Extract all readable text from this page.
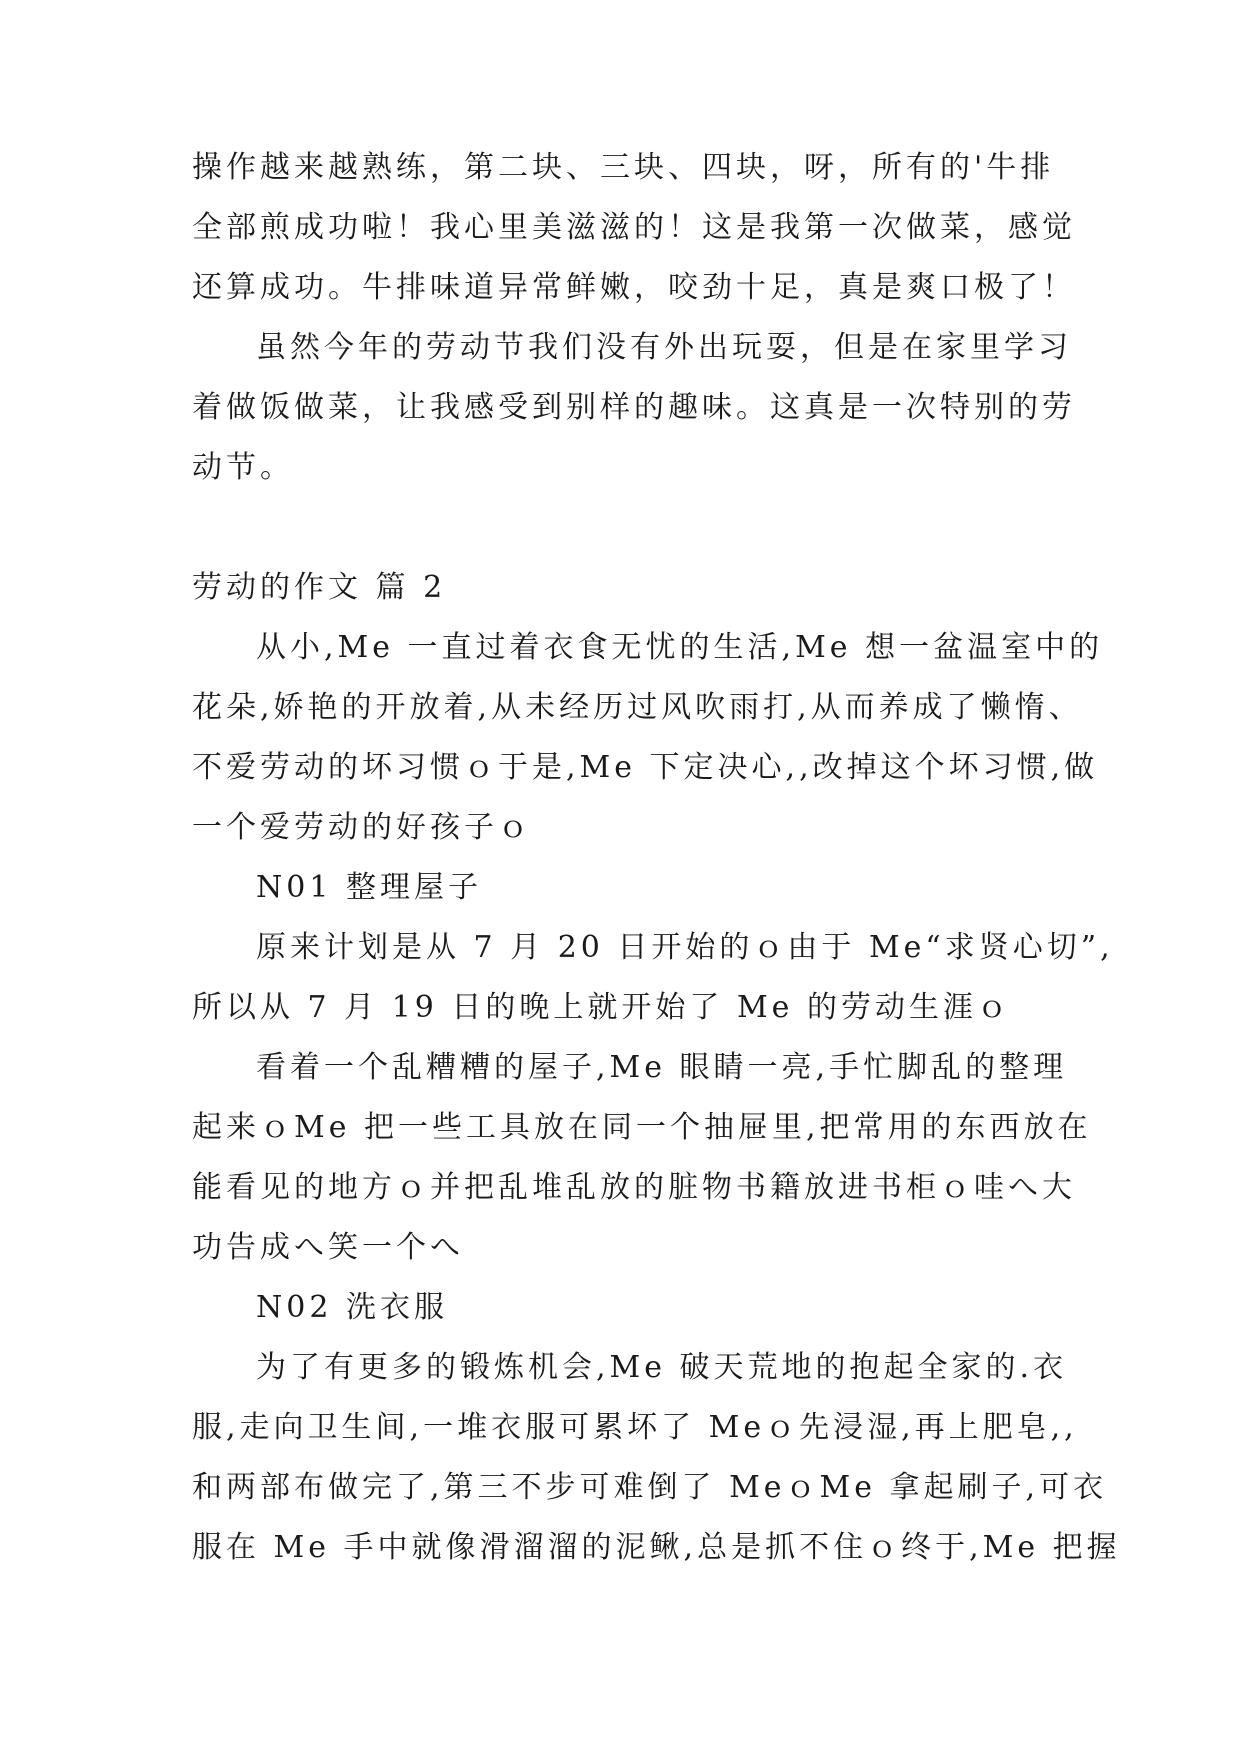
操作越来越熟练，第二块、三块、四块，呀，所有的'牛排
全部煎成功啦！我心里美滋滋的！这是我第一次做菜，感觉
还算成功。牛排味道异常鲜嫩，咬劲十足，真是爽口极了！
虽然今年的劳动节我们没有外出玩耍，但是在家里学习
着做饭做菜，让我感受到别样的趣味。这真是一次特别的劳
动节。
劳动的作文 篇 2
从小,Me 一直过着衣食无忧的生活,Me 想一盆温室中的
花朵,娇艳的开放着,从未经历过风吹雨打,从而养成了懒惰、
不爱劳动的坏习惯ｏ于是,Me 下定决心,,改掉这个坏习惯,做
一个爱劳动的好孩子ｏ
N01 整理屋子
原来计划是从 7 月 20 日开始的ｏ由于 Me“求贤心切”,
所以从 7 月 19 日的晚上就开始了 Me 的劳动生涯ｏ
看着一个乱糟糟的屋子,Me 眼睛一亮,手忙脚乱的整理
起来ｏMe 把一些工具放在同一个抽屉里,把常用的东西放在
能看见的地方ｏ并把乱堆乱放的脏物书籍放进书柜ｏ哇へ大
功告成へ笑一个へ
N02 洗衣服
为了有更多的锻炼机会,Me 破天荒地的抱起全家的.衣
服,走向卫生间,一堆衣服可累坏了 Meｏ先浸湿,再上肥皂,,
和两部布做完了,第三不步可难倒了 MeｏMe 拿起刷子,可衣
服在 Me 手中就像滑溜溜的泥鳅,总是抓不住ｏ终于,Me 把握
